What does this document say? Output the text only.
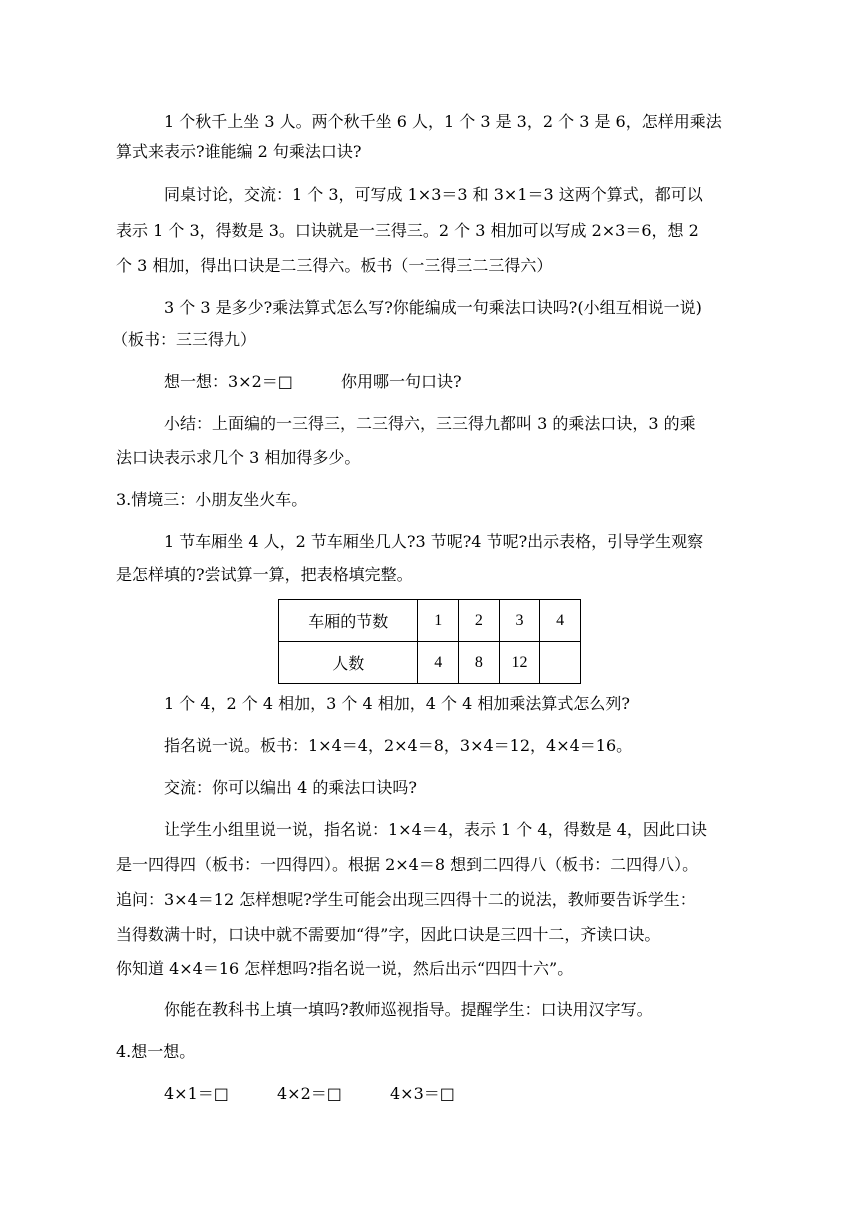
1 个秋千上坐 3 人。两个秋千坐 6 人，1 个 3 是 3，2 个 3 是 6，怎样用乘法
算式来表示?谁能编 2 句乘法口诀?
同桌讨论，交流：1 个 3，可写成 1×3＝3 和 3×1＝3 这两个算式，都可以
表示 1 个 3，得数是 3。口诀就是一三得三。2 个 3 相加可以写成 2×3＝6，想 2
个 3 相加，得出口诀是二三得六。板书（一三得三二三得六）
3 个 3 是多少?乘法算式怎么写?你能编成一句乘法口诀吗?(小组互相说一说)
（板书：三三得九）
想一想：3×2＝□	你用哪一句口诀?
小结：上面编的一三得三，二三得六，三三得九都叫 3 的乘法口诀，3 的乘
法口诀表示求几个 3 相加得多少。
3.情境三：小朋友坐火车。
1 节车厢坐 4 人，2 节车厢坐几人?3 节呢?4 节呢?出示表格，引导学生观察
是怎样填的?尝试算一算，把表格填完整。
车厢的节数	1	2	3	4
人数	4	8	12	
1 个 4，2 个 4 相加，3 个 4 相加，4 个 4 相加乘法算式怎么列?
指名说一说。板书：1×4＝4，2×4＝8，3×4＝12，4×4＝16。
交流：你可以编出 4 的乘法口诀吗?
让学生小组里说一说，指名说：1×4＝4，表示 1 个 4，得数是 4，因此口诀
是一四得四（板书：一四得四）。根据 2×4＝8 想到二四得八（板书：二四得八）。
追问：3×4＝12 怎样想呢?学生可能会出现三四得十二的说法，教师要告诉学生：
当得数满十时，口诀中就不需要加“得”字，因此口诀是三四十二，齐读口诀。
你知道 4×4＝16 怎样想吗?指名说一说，然后出示“四四十六”。
你能在教科书上填一填吗?教师巡视指导。提醒学生：口诀用汉字写。
4.想一想。
4×1＝□	4×2＝□	4×3＝□
